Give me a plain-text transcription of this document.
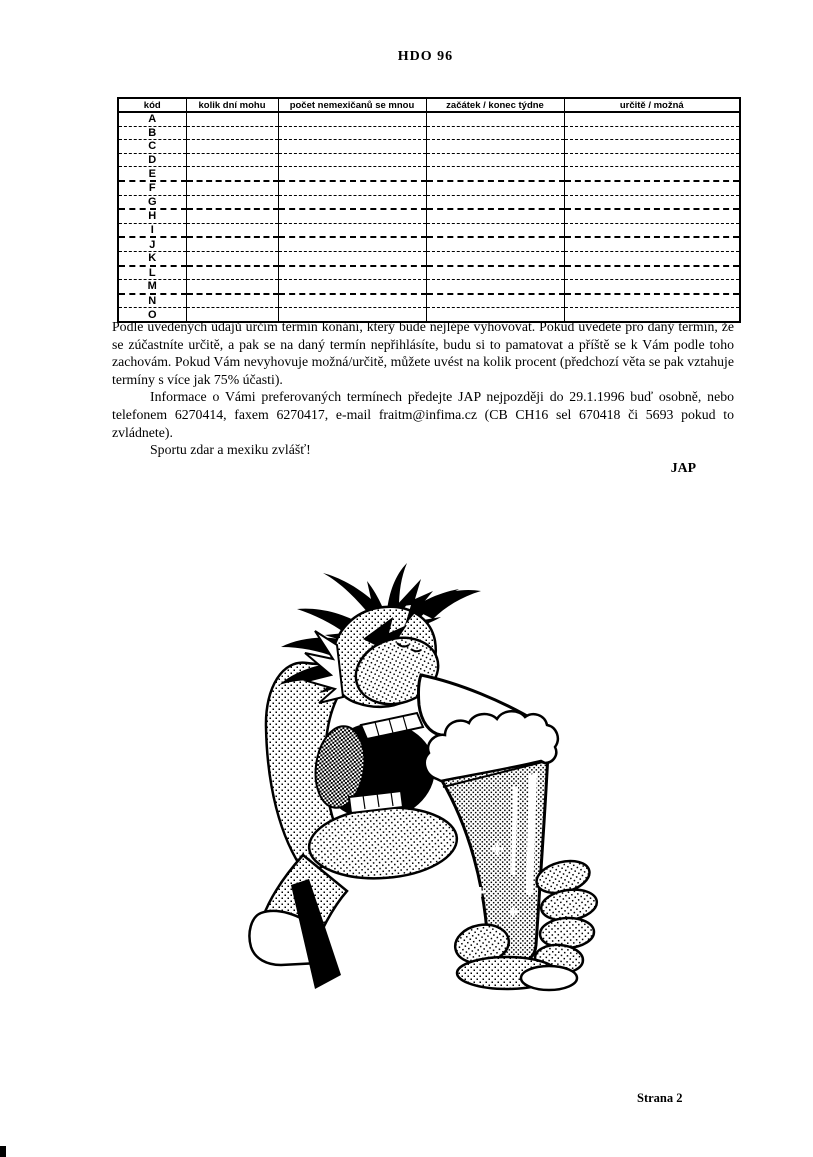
HDO 96
kód	kolik dní mohu	počet nemexičanů se mnou	začátek / konec týdne	určitě / možná
A				
B				
C				
D				
E				
F				
G				
H				
I				
J				
K				
L				
M				
N				
O				

Podle uvedených údajů určím termín konání, který bude nejlépe vyhovovat. Pokud uvedete pro daný termín, že se zúčastníte určitě, a pak se na daný termín nepřihlásíte, budu si to pamatovat a příště se k Vám podle toho zachovám. Pokud Vám nevyhovuje možná/určitě, můžete uvést na kolik procent (předchozí věta se pak vztahuje termíny s více jak 75% účasti).

Informace o Vámi preferovaných termínech předejte JAP nejpozději do 29.1.1996 buď osobně, nebo telefonem 6270414, faxem 6270417, e-mail fraitm@infima.cz (CB CH16 sel 670418 či 5693 pokud to zvládnete).

Sportu zdar a mexiku zvlášť!

JAP

Strana 2
